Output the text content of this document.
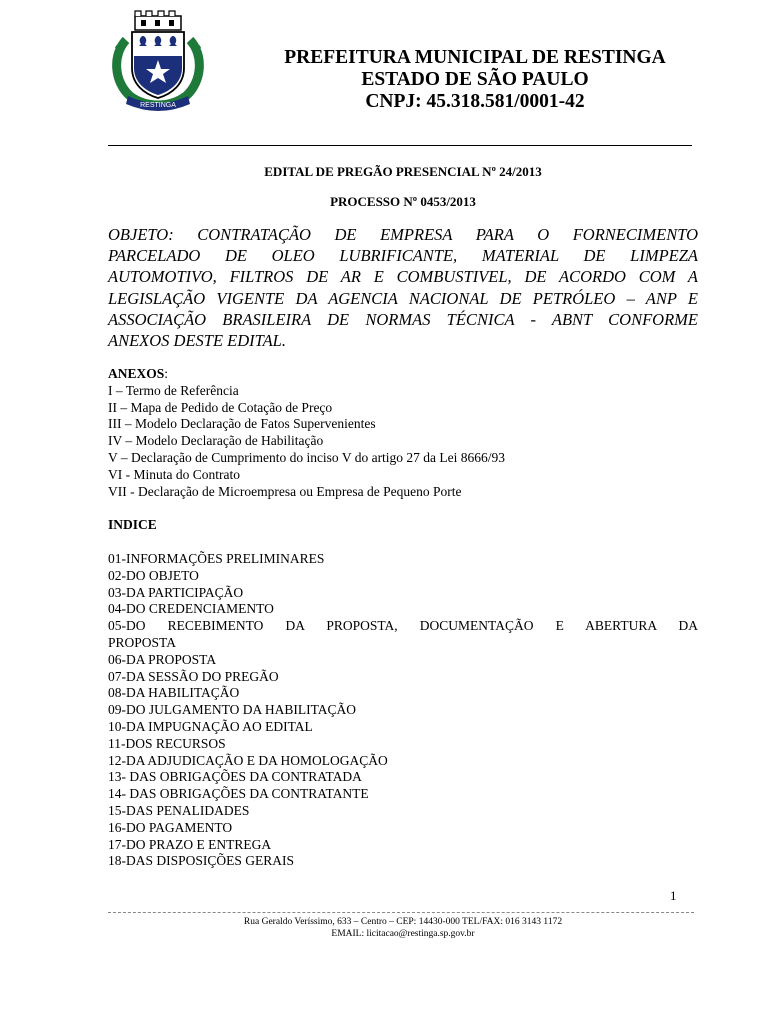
RESTINGA
PREFEITURA MUNICIPAL DE RESTINGA
ESTADO DE SÃO PAULO
CNPJ: 45.318.581/0001-42
EDITAL DE PREGÃO PRESENCIAL Nº 24/2013
PROCESSO Nº 0453/2013
OBJETO: CONTRATAÇÃO DE EMPRESA PARA O FORNECIMENTO
PARCELADO DE OLEO LUBRIFICANTE, MATERIAL DE LIMPEZA
AUTOMOTIVO, FILTROS DE AR E COMBUSTIVEL, DE ACORDO COM A
LEGISLAÇÃO VIGENTE DA AGENCIA NACIONAL DE PETRÓLEO – ANP E
ASSOCIAÇÃO BRASILEIRA DE NORMAS TÉCNICA - ABNT CONFORME
ANEXOS DESTE EDITAL.
ANEXOS:
I – Termo de Referência
II – Mapa de Pedido de Cotação de Preço
III – Modelo Declaração de Fatos Supervenientes
IV – Modelo Declaração de Habilitação
V – Declaração de Cumprimento do inciso V do artigo 27 da Lei 8666/93
VI - Minuta do Contrato
VII - Declaração de Microempresa ou Empresa de Pequeno Porte
INDICE
01-INFORMAÇÕES PRELIMINARES
02-DO OBJETO
03-DA PARTICIPAÇÃO
04-DO CREDENCIAMENTO
05-DO RECEBIMENTO DA PROPOSTA, DOCUMENTAÇÃO E ABERTURA DA
PROPOSTA
06-DA PROPOSTA
07-DA SESSÃO DO PREGÃO
08-DA HABILITAÇÃO
09-DO JULGAMENTO DA HABILITAÇÃO
10-DA IMPUGNAÇÃO AO EDITAL
11-DOS RECURSOS
12-DA ADJUDICAÇÃO E DA HOMOLOGAÇÃO
13- DAS OBRIGAÇÕES DA CONTRATADA
14- DAS OBRIGAÇÕES DA CONTRATANTE
15-DAS PENALIDADES
16-DO PAGAMENTO
17-DO PRAZO E ENTREGA
18-DAS DISPOSIÇÕES GERAIS
1
Rua Geraldo Veríssimo, 633 – Centro – CEP: 14430-000 TEL/FAX: 016 3143 1172
EMAIL: licitacao@restinga.sp.gov.br
